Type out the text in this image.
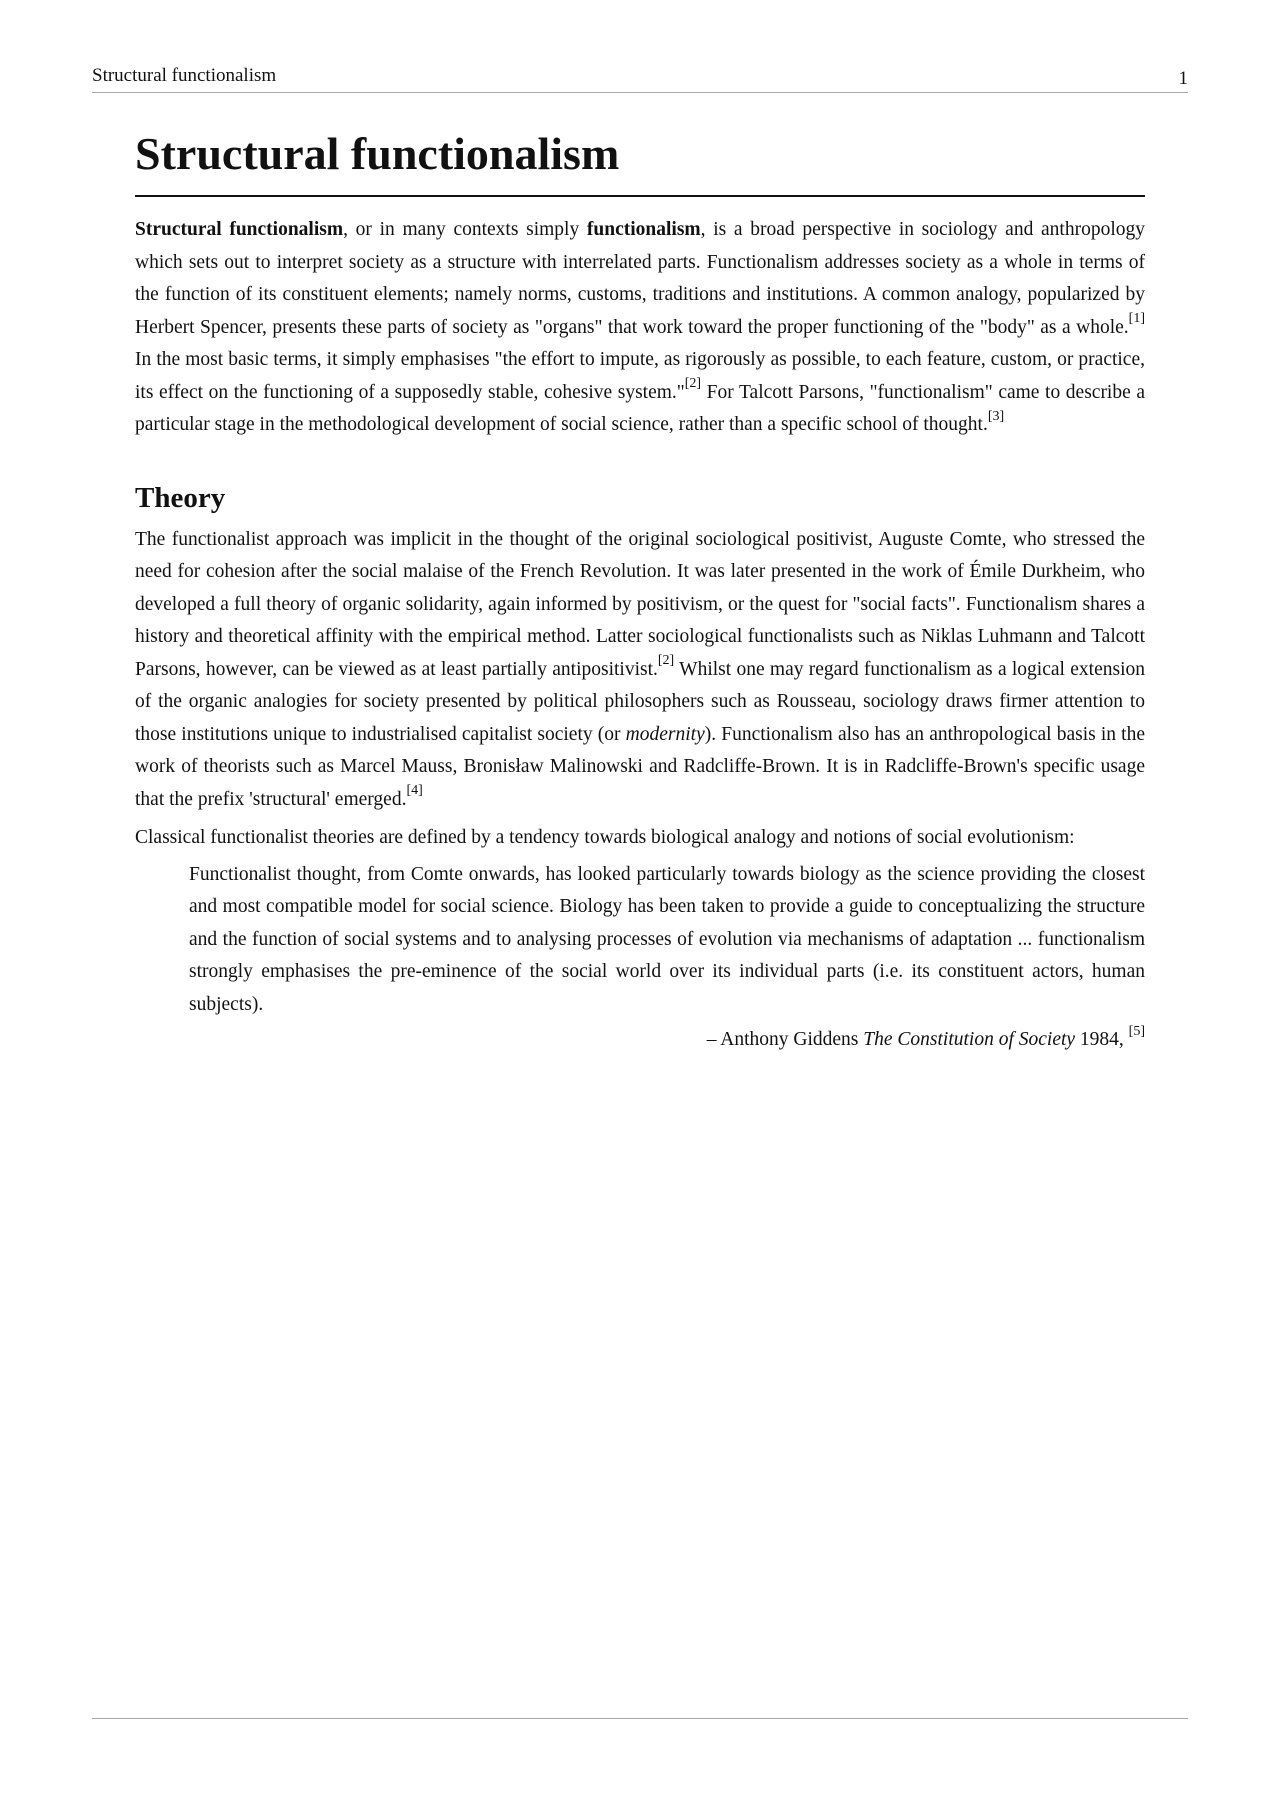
Structural functionalism	1
Structural functionalism

Structural functionalism, or in many contexts simply functionalism, is a broad perspective in sociology and anthropology which sets out to interpret society as a structure with interrelated parts. Functionalism addresses society as a whole in terms of the function of its constituent elements; namely norms, customs, traditions and institutions. A common analogy, popularized by Herbert Spencer, presents these parts of society as "organs" that work toward the proper functioning of the "body" as a whole.[1] In the most basic terms, it simply emphasises "the effort to impute, as rigorously as possible, to each feature, custom, or practice, its effect on the functioning of a supposedly stable, cohesive system."[2] For Talcott Parsons, "functionalism" came to describe a particular stage in the methodological development of social science, rather than a specific school of thought.[3]

Theory

The functionalist approach was implicit in the thought of the original sociological positivist, Auguste Comte, who stressed the need for cohesion after the social malaise of the French Revolution. It was later presented in the work of Émile Durkheim, who developed a full theory of organic solidarity, again informed by positivism, or the quest for "social facts". Functionalism shares a history and theoretical affinity with the empirical method. Latter sociological functionalists such as Niklas Luhmann and Talcott Parsons, however, can be viewed as at least partially antipositivist.[2] Whilst one may regard functionalism as a logical extension of the organic analogies for society presented by political philosophers such as Rousseau, sociology draws firmer attention to those institutions unique to industrialised capitalist society (or modernity). Functionalism also has an anthropological basis in the work of theorists such as Marcel Mauss, Bronisław Malinowski and Radcliffe-Brown. It is in Radcliffe-Brown's specific usage that the prefix 'structural' emerged.[4]

Classical functionalist theories are defined by a tendency towards biological analogy and notions of social evolutionism:

Functionalist thought, from Comte onwards, has looked particularly towards biology as the science providing the closest and most compatible model for social science. Biology has been taken to provide a guide to conceptualizing the structure and the function of social systems and to analysing processes of evolution via mechanisms of adaptation ... functionalism strongly emphasises the pre-eminence of the social world over its individual parts (i.e. its constituent actors, human subjects).

– Anthony Giddens The Constitution of Society 1984, [5]
